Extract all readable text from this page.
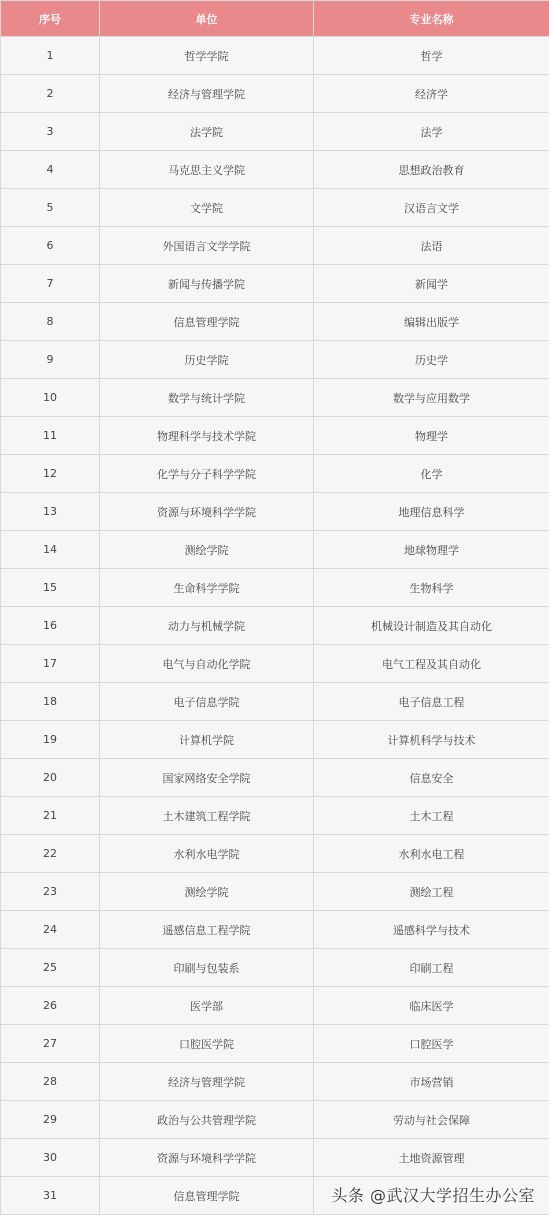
序号	单位	专业名称
1	哲学学院	哲学
2	经济与管理学院	经济学
3	法学院	法学
4	马克思主义学院	思想政治教育
5	文学院	汉语言文学
6	外国语言文学学院	法语
7	新闻与传播学院	新闻学
8	信息管理学院	编辑出版学
9	历史学院	历史学
10	数学与统计学院	数学与应用数学
11	物理科学与技术学院	物理学
12	化学与分子科学学院	化学
13	资源与环境科学学院	地理信息科学
14	测绘学院	地球物理学
15	生命科学学院	生物科学
16	动力与机械学院	机械设计制造及其自动化
17	电气与自动化学院	电气工程及其自动化
18	电子信息学院	电子信息工程
19	计算机学院	计算机科学与技术
20	国家网络安全学院	信息安全
21	土木建筑工程学院	土木工程
22	水利水电学院	水利水电工程
23	测绘学院	测绘工程
24	遥感信息工程学院	遥感科学与技术
25	印刷与包装系	印刷工程
26	医学部	临床医学
27	口腔医学院	口腔医学
28	经济与管理学院	市场营销
29	政治与公共管理学院	劳动与社会保障
30	资源与环境科学学院	土地资源管理
31	信息管理学院		头条 @武汉大学招生办公室
